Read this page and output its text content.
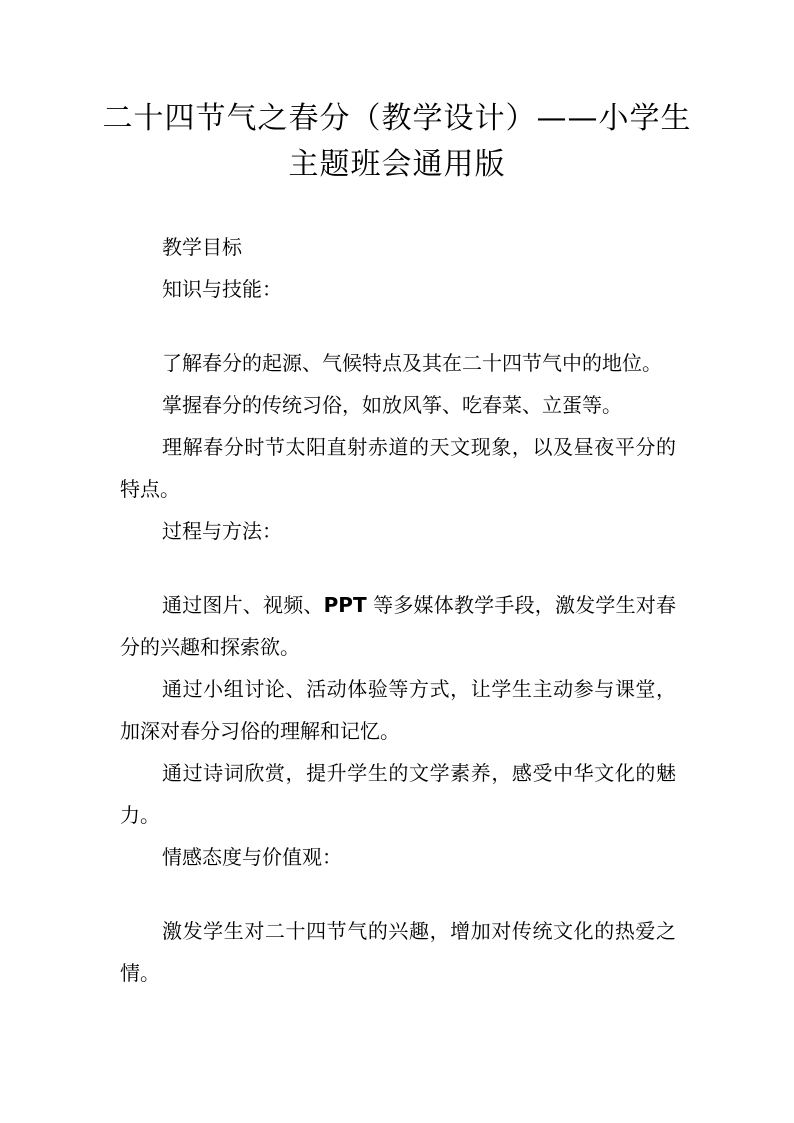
二十四节气之春分（教学设计）——小学生
主题班会通用版

教学目标

知识与技能：

了解春分的起源、气候特点及其在二十四节气中的地位。

掌握春分的传统习俗，如放风筝、吃春菜、立蛋等。

理解春分时节太阳直射赤道的天文现象，以及昼夜平分的特点。

过程与方法：

通过图片、视频、PPT 等多媒体教学手段，激发学生对春分的兴趣和探索欲。

通过小组讨论、活动体验等方式，让学生主动参与课堂，加深对春分习俗的理解和记忆。

通过诗词欣赏，提升学生的文学素养，感受中华文化的魅力。

情感态度与价值观：

激发学生对二十四节气的兴趣，增加对传统文化的热爱之情。
